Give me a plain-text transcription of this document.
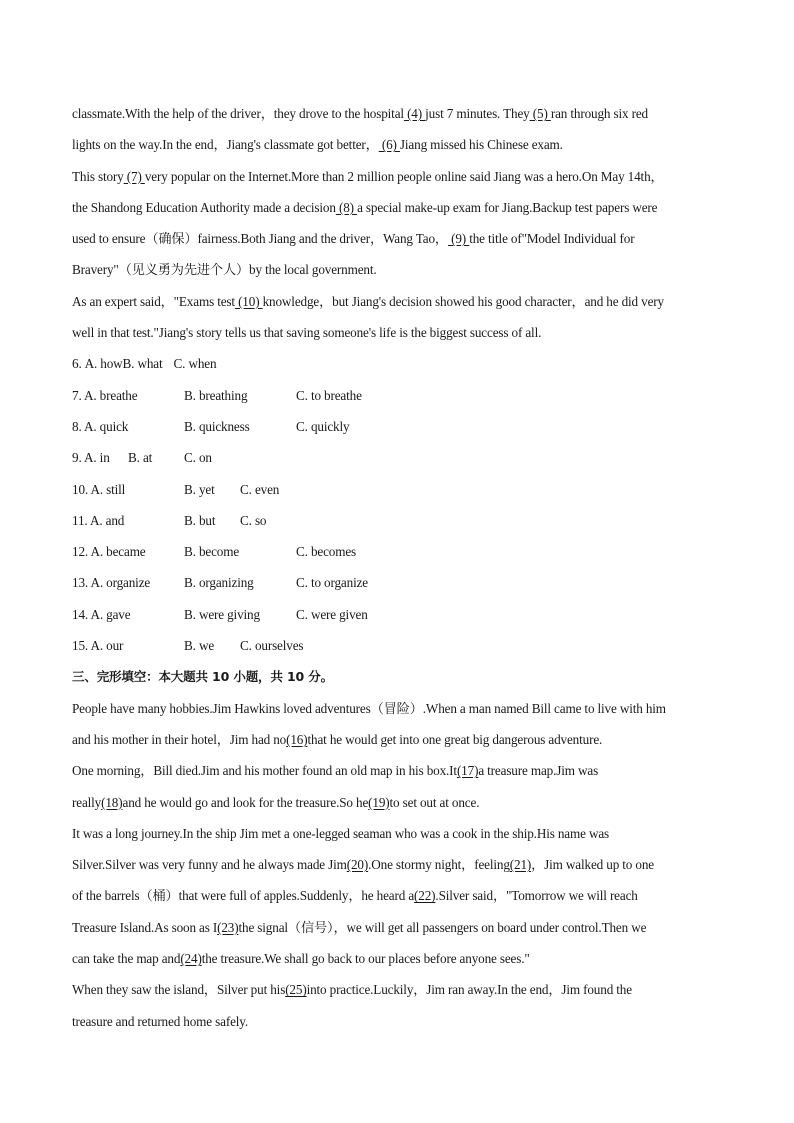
classmate.With the help of the driver，they drove to the hospital (4) just 7 minutes. They (5) ran through six red
lights on the way.In the end，Jiang's classmate got better， (6) Jiang missed his Chinese exam.
This story (7) very popular on the Internet.More than 2 million people online said Jiang was a hero.On May 14th，
the Shandong Education Authority made a decision (8) a special make-up exam for Jiang.Backup test papers were
used to ensure（确保）fairness.Both Jiang and the driver，Wang Tao， (9) the title of"Model Individual for
Bravery"（见义勇为先进个人）by the local government.
As an expert said，"Exams test (10) knowledge，but Jiang's decision showed his good character，and he did very
well in that test."Jiang's story tells us that saving someone's life is the biggest success of all.
6. A. howB. what C. when
7. A. breathe	B. breathing	C. to breathe
8. A. quick	B. quickness	C. quickly
9. A. in B. at C. on
10. A. still	B. yet C. even
11. A. and	B. but C. so
12. A. became	B. become	C. becomes
13. A. organize	B. organizing	C. to organize
14. A. gave	B. were giving	C. were given
15. A. our	B. we C. ourselves
三、完形填空：本大题共 10 小题，共 10 分。
People have many hobbies.Jim Hawkins loved adventures（冒险）.When a man named Bill came to live with him
and his mother in their hotel，Jim had no(16)that he would get into one great big dangerous adventure.
One morning，Bill died.Jim and his mother found an old map in his box.It(17)a treasure map.Jim was
really(18)and he would go and look for the treasure.So he(19)to set out at once.
It was a long journey.In the ship Jim met a one-legged seaman who was a cook in the ship.His name was
Silver.Silver was very funny and he always made Jim(20).One stormy night，feeling(21)，Jim walked up to one
of the barrels（桶）that were full of apples.Suddenly，he heard a(22).Silver said，"Tomorrow we will reach
Treasure Island.As soon as I(23)the signal（信号），we will get all passengers on board under control.Then we
can take the map and(24)the treasure.We shall go back to our places before anyone sees."
When they saw the island，Silver put his(25)into practice.Luckily，Jim ran away.In the end，Jim found the
treasure and returned home safely.
